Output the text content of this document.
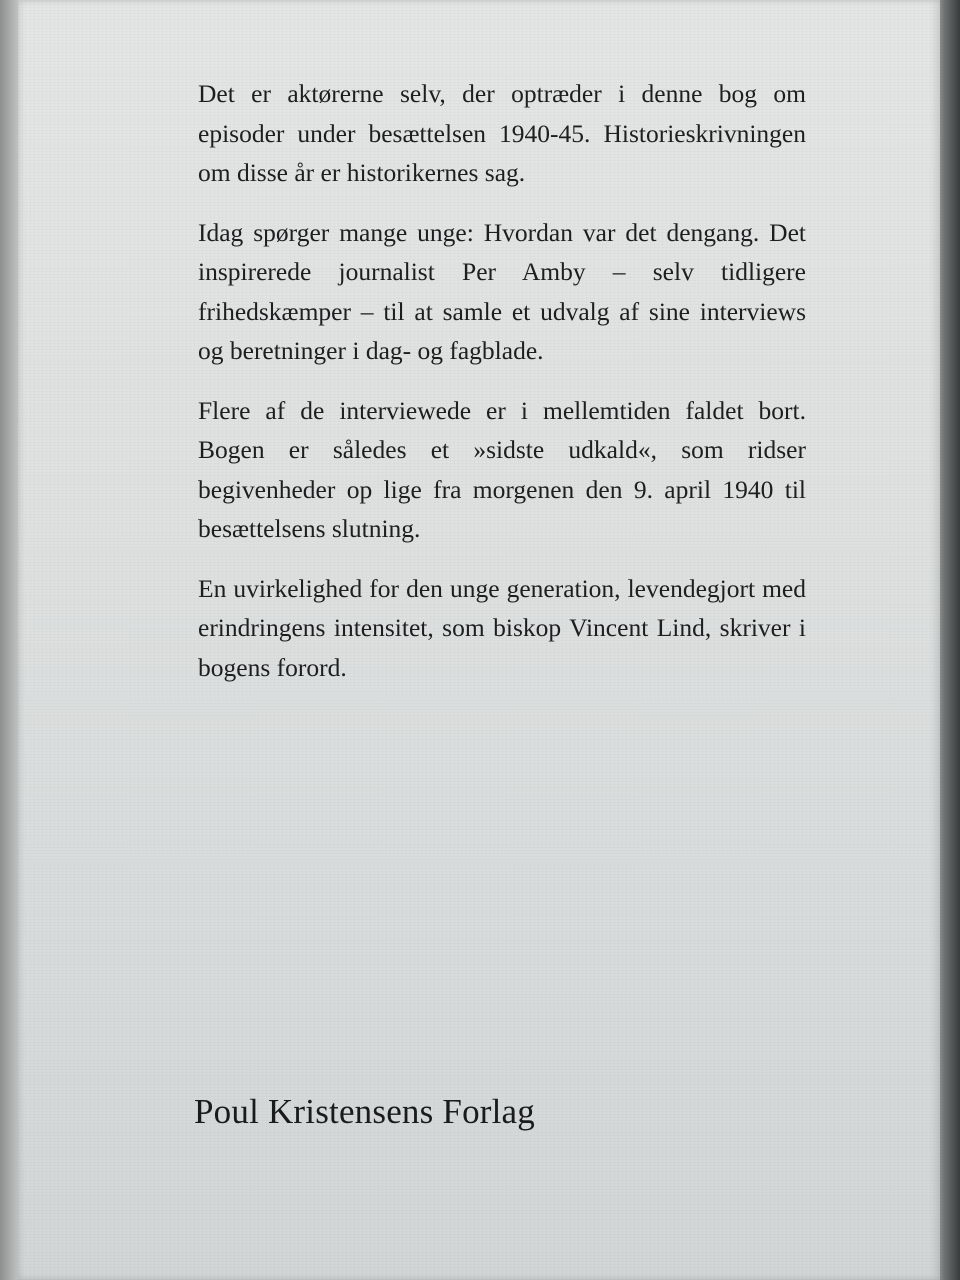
Det er aktørerne selv, der optræder i denne bog om episoder under besættelsen 1940-45. Historieskrivningen om disse år er historikernes sag.

Idag spørger mange unge: Hvordan var det dengang. Det inspirerede journalist Per Amby – selv tidligere frihedskæmper – til at samle et udvalg af sine interviews og beretninger i dag- og fagblade.

Flere af de interviewede er i mellemtiden faldet bort. Bogen er således et »sidste udkald«, som ridser begivenheder op lige fra morgenen den 9. april 1940 til besættelsens slutning.

En uvirkelighed for den unge generation, levendegjort med erindringens intensitet, som biskop Vincent Lind, skriver i bogens forord.

Poul Kristensens Forlag
